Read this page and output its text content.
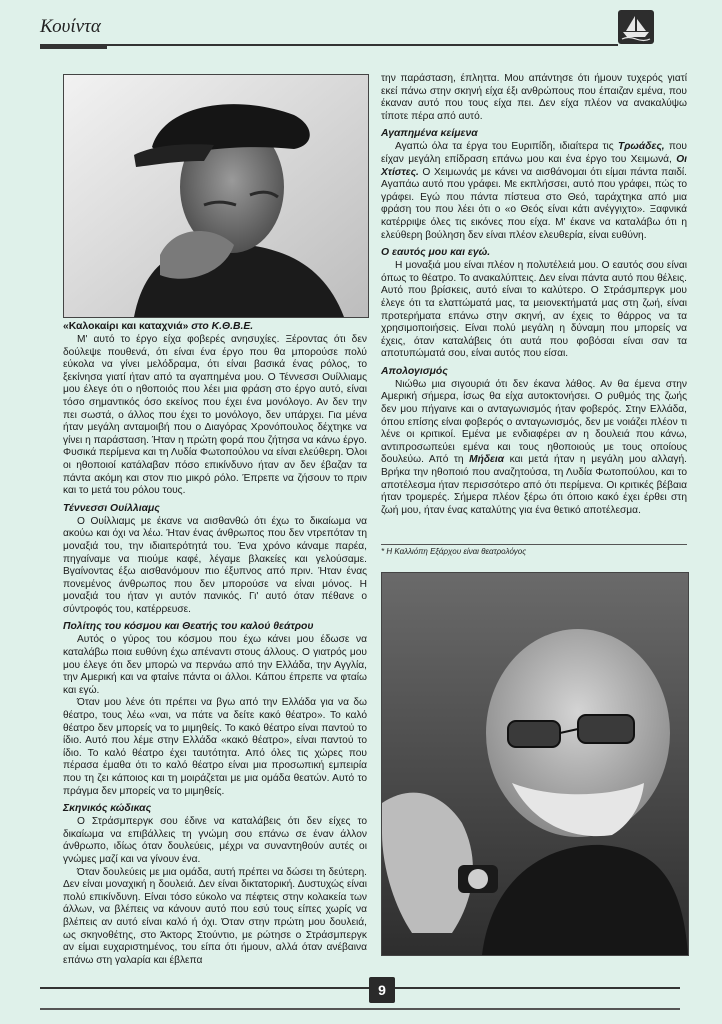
Κουίντα
«Καλοκαίρι και καταχνιά» στο Κ.Θ.Β.Ε.

Μ' αυτό το έργο είχα φοβερές ανησυχίες. Ξέροντας ότι δεν δούλεψε πουθενά, ότι είναι ένα έργο που θα μπορούσε πολύ εύκολα να γίνει μελόδραμα, ότι είναι βασικά ένας ρόλος, το ξεκίνησα γιατί ήταν από τα αγαπημένα μου. Ο Τέννεσσι Ουίλλιαμς μου έλεγε ότι ο ηθοποιός που λέει μια φράση στο έργο αυτό, είναι τόσο σημαντικός όσο εκείνος που έχει ένα μονόλογο. Αν δεν την πει σωστά, ο άλλος που έχει το μονόλογο, δεν υπάρχει. Για μένα ήταν μεγάλη ανταμοιβή που ο Διαγόρας Χρονόπουλος δέχτηκε να γίνει η παράσταση. Ήταν η πρώτη φορά που ζήτησα να κάνω έργο. Φυσικά περίμενα και τη Λυδία Φωτοπούλου να είναι ελεύθερη. Όλοι οι ηθοποιοί κατάλαβαν πόσο επικίνδυνο ήταν αν δεν έβαζαν τα πάντα ακόμη και στον πιο μικρό ρόλο. Έπρεπε να ζήσουν το πριν και το μετά του ρόλου τους.

Τέννεσσι Ουίλλιαμς

Ο Ουίλλιαμς με έκανε να αισθανθώ ότι έχω το δικαίωμα να ακούω και όχι να λέω. Ήταν ένας άνθρωπος που δεν ντρεπόταν τη μοναξιά του, την ιδιαιτερότητά του. Ένα χρόνο κάναμε παρέα, πηγαίναμε να πιούμε καφέ, λέγαμε βλακείες και γελούσαμε. Βγαίνοντας έξω αισθανόμουν πιο έξυπνος από πριν. Ήταν ένας πονεμένος άνθρωπος που δεν μπορούσε να είναι μόνος. Η μοναξιά του ήταν γι αυτόν πανικός. Γι' αυτό όταν πέθανε ο σύντροφός του, κατέρρευσε.

Πολίτης του κόσμου και Θεατής του καλού θεάτρου

Αυτός ο γύρος του κόσμου που έχω κάνει μου έδωσε να καταλάβω ποια ευθύνη έχω απέναντι στους άλλους. Ο γιατρός μου μου έλεγε ότι δεν μπορώ να περνάω από την Ελλάδα, την Αγγλία, την Αμερική και να φταίνε πάντα οι άλλοι. Κάπου έπρεπε να φταίω και εγώ.

Όταν μου λένε ότι πρέπει να βγω από την Ελλάδα για να δω θέατρο, τους λέω «ναι, να πάτε να δείτε κακό θέατρο». Το καλό θέατρο δεν μπορείς να το μιμηθείς. Το κακό θέατρο είναι παντού το ίδιο. Αυτό που λέμε στην Ελλάδα «κακό θέατρο», είναι παντού το ίδιο. Το καλό θέατρο έχει ταυτότητα. Από όλες τις χώρες που πέρασα έμαθα ότι το καλό θέατρο είναι μια προσωπική εμπειρία που τη ζει κάποιος και τη μοιράζεται με μια ομάδα θεατών. Αυτό το πράγμα δεν μπορείς να το μιμηθείς.

Σκηνικός κώδικας

Ο Στράσμπεργκ σου έδινε να καταλάβεις ότι δεν είχες το δικαίωμα να επιβάλλεις τη γνώμη σου επάνω σε έναν άλλον άνθρωπο, ιδίως όταν δουλεύεις, μέχρι να συναντηθούν αυτές οι γνώμες μαζί και να γίνουν ένα.

Όταν δουλεύεις με μια ομάδα, αυτή πρέπει να δώσει τη δεύτερη. Δεν είναι μοναχική η δουλειά. Δεν είναι δικτατορική. Δυστυχώς είναι πολύ επικίνδυνη. Είναι τόσο εύκολο να πέφτεις στην κολακεία των άλλων, να βλέπεις να κάνουν αυτό που εσύ τους είπες χωρίς να βλέπεις αν αυτό είναι καλό ή όχι. Όταν στην πρώτη μου δουλειά, ως σκηνοθέτης, στο Άκτορς Στούντιο, με ρώτησε ο Στράσμπεργκ αν είμαι ευχαριστημένος, του είπα ότι ήμουν, αλλά όταν ανέβαινα επάνω στη γαλαρία και έβλεπα

την παράσταση, έπληττα. Μου απάντησε ότι ήμουν τυχερός γιατί εκεί πάνω στην σκηνή είχα έξι ανθρώπους που έπαιζαν εμένα, που έκαναν αυτό που τους είχα πει. Δεν είχα πλέον να ανακαλύψω τίποτε πέρα από αυτό.

Αγαπημένα κείμενα

Αγαπώ όλα τα έργα του Ευριπίδη, ιδιαίτερα τις Τρωάδες, που είχαν μεγάλη επίδραση επάνω μου και ένα έργο του Χειμωνά, Οι Χτίστες. Ο Χειμωνάς με κάνει να αισθάνομαι ότι είμαι πάντα παιδί. Αγαπάω αυτό που γράφει. Με εκπλήσσει, αυτό που γράφει, πώς το γράφει. Εγώ που πάντα πίστευα στο Θεό, ταράχτηκα από μια φράση του που λέει ότι ο «ο Θεός είναι κάτι ανέγγιχτο». Ξαφνικά κατέρριψε όλες τις εικόνες που είχα. Μ' έκανε να καταλάβω ότι η ελεύθερη βούληση δεν είναι πλέον ελευθερία, είναι ευθύνη.

Ο εαυτός μου και εγώ.

Η μοναξιά μου είναι πλέον η πολυτέλειά μου. Ο εαυτός σου είναι όπως το θέατρο. Το ανακαλύπτεις. Δεν είναι πάντα αυτό που θέλεις. Αυτό που βρίσκεις, αυτό είναι το καλύτερο. Ο Στράσμπεργκ μου έλεγε ότι τα ελαττώματά μας, τα μειονεκτήματά μας στη ζωή, είναι προτερήματα επάνω στην σκηνή, αν έχεις το θάρρος να τα χρησιμοποιήσεις. Είναι πολύ μεγάλη η δύναμη που μπορείς να έχεις, όταν καταλάβεις ότι αυτά που φοβόσαι είναι σαν τα αποτυπώματά σου, είναι αυτός που είσαι.

Απολογισμός

Νιώθω μια σιγουριά ότι δεν έκανα λάθος. Αν θα έμενα στην Αμερική σήμερα, ίσως θα είχα αυτοκτονήσει. Ο ρυθμός της ζωής δεν μου πήγαινε και ο ανταγωνισμός ήταν φοβερός. Στην Ελλάδα, όπου επίσης είναι φοβερός ο ανταγωνισμός, δεν με νοιάζει πλέον τι λένε οι κριτικοί. Εμένα με ενδιαφέρει αν η δουλειά που κάνω, αντιπροσωπεύει εμένα και τους ηθοποιούς με τους οποίους δουλεύω. Από τη Μήδεια και μετά ήταν η μεγάλη μου αλλαγή. Βρήκα την ηθοποιό που αναζητούσα, τη Λυδία Φωτοπούλου, και το αποτέλεσμα ήταν περισσότερο από ότι περίμενα. Οι κριτικές βέβαια ήταν τρομερές. Σήμερα πλέον ξέρω ότι όποιο κακό έχει έρθει στη ζωή μου, ήταν ένας καταλύτης για ένα θετικό αποτέλεσμα.

* Η Καλλιόπη Εξάρχου είναι θεατρολόγος
9
